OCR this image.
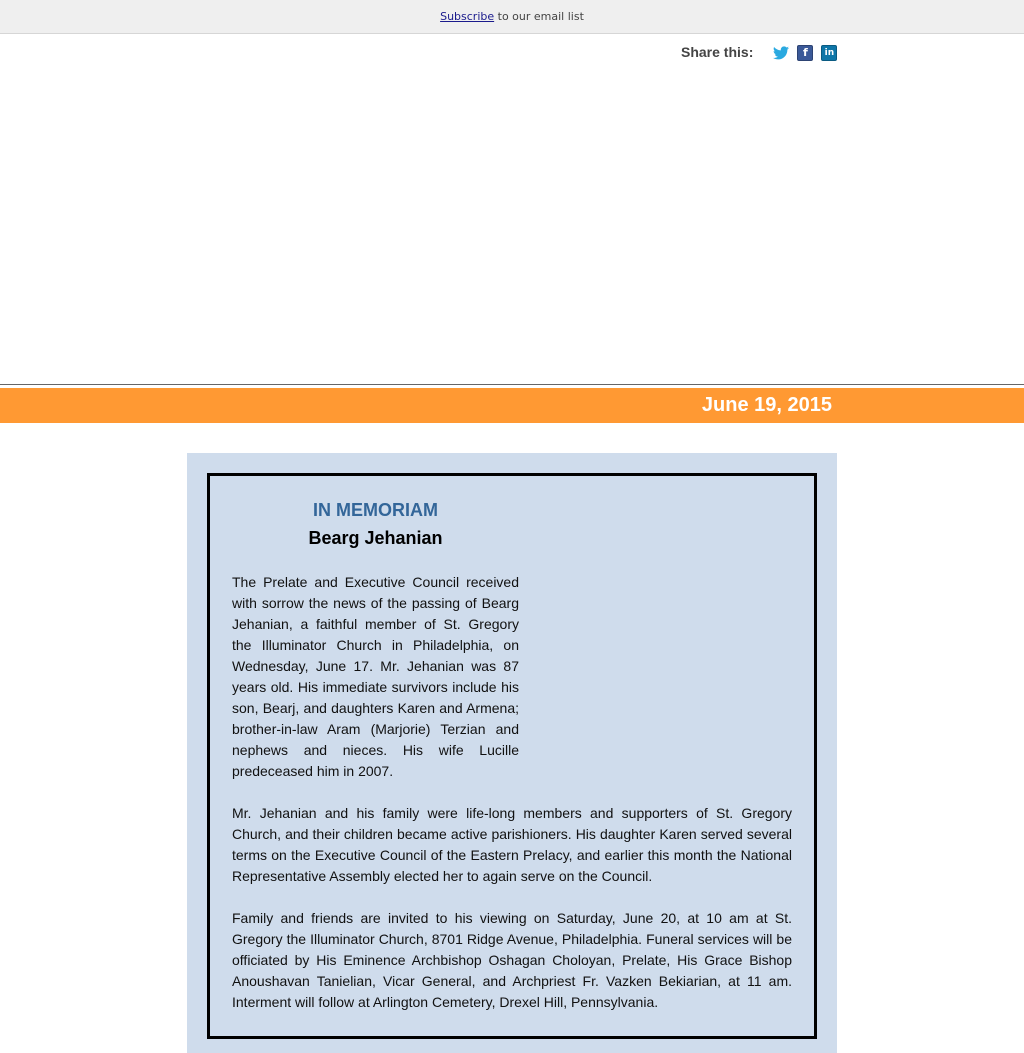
Subscribe to our email list
Share this:	f	in
June 19, 2015
IN MEMORIAM
Bearg Jehanian

The Prelate and Executive Council received with sorrow the news of the passing of Bearg Jehanian, a faithful member of St. Gregory the Illuminator Church in Philadelphia, on Wednesday, June 17. Mr. Jehanian was 87 years old. His immediate survivors include his son, Bearj, and daughters Karen and Armena; brother-in-law Aram (Marjorie) Terzian and nephews and nieces. His wife Lucille predeceased him in 2007.

Mr. Jehanian and his family were life-long members and supporters of St. Gregory Church, and their children became active parishioners. His daughter Karen served several terms on the Executive Council of the Eastern Prelacy, and earlier this month the National Representative Assembly elected her to again serve on the Council.

Family and friends are invited to his viewing on Saturday, June 20, at 10 am at St. Gregory the Illuminator Church, 8701 Ridge Avenue, Philadelphia. Funeral services will be officiated by His Eminence Archbishop Oshagan Choloyan, Prelate, His Grace Bishop Anoushavan Tanielian, Vicar General, and Archpriest Fr. Vazken Bekiarian, at 11 am. Interment will follow at Arlington Cemetery, Drexel Hill, Pennsylvania.
